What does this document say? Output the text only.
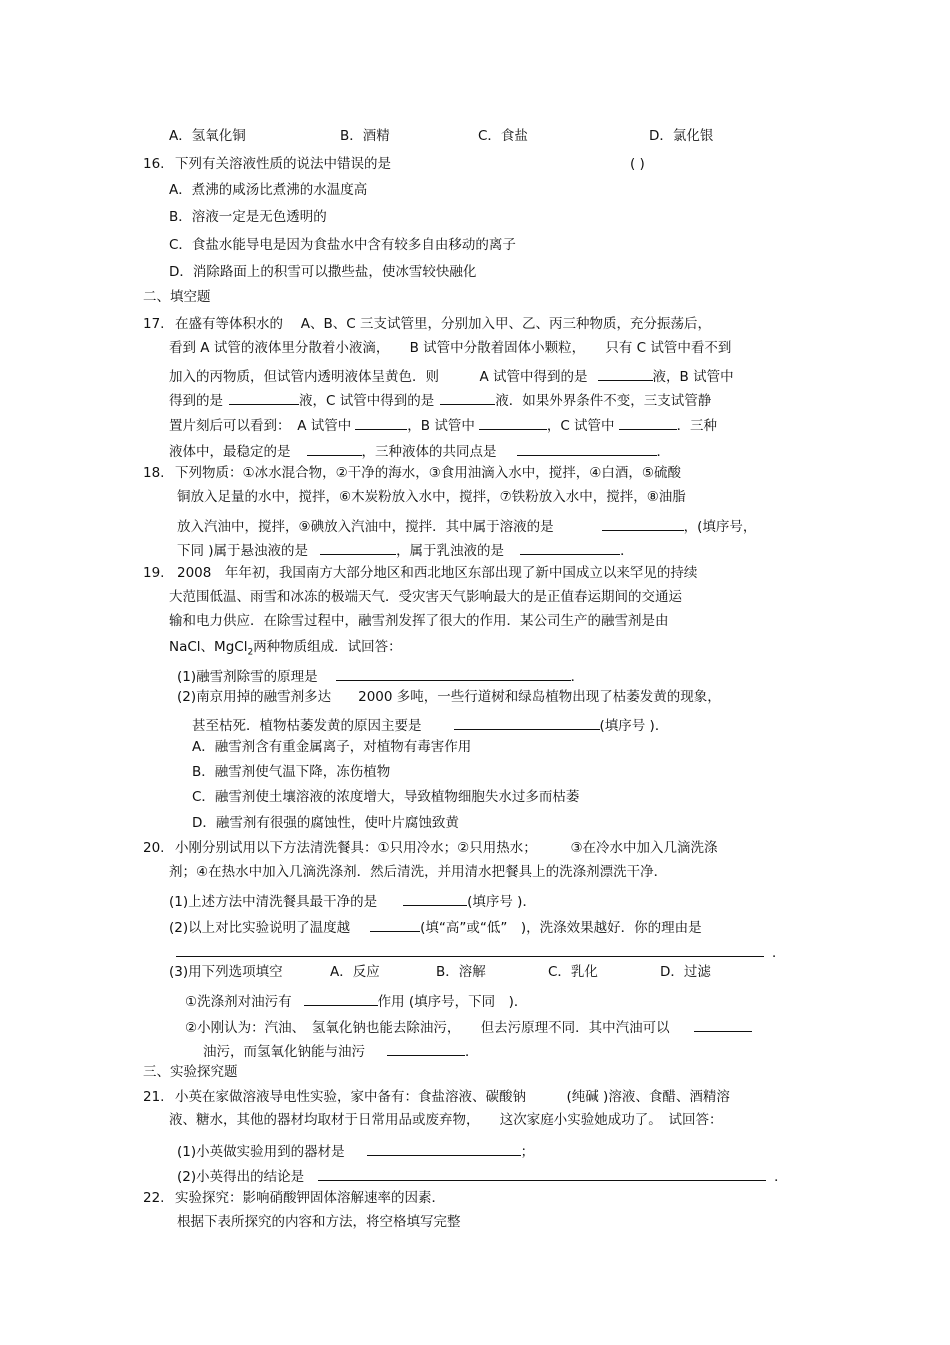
A．氢氧化铜	B．酒精	C．食盐	D．氯化银
16. 下列有关溶液性质的说法中错误的是	( )
A．煮沸的咸汤比煮沸的水温度高
B．溶液一定是无色透明的
C．食盐水能导电是因为食盐水中含有较多自由移动的离子
D．消除路面上的积雪可以撒些盐，使冰雪较快融化
二、填空题
17. 在盛有等体积水的　 A、B、C 三支试管里，分别加入甲、乙、丙三种物质，充分振荡后，
看到 A 试管的液体里分散着小液滴，　　B 试管中分散着固体小颗粒，　　只有 C 试管中看不到
加入的丙物质，但试管内透明液体呈黄色．则　　　A 试管中得到的是	液，B 试管中
得到的是	液，C 试管中得到的是	液．如果外界条件不变，三支试管静
置片刻后可以看到：　A 试管中	，B 试管中	，C 试管中	．三种
液体中，最稳定的是	，三种液体的共同点是	．
18. 下列物质：①冰水混合物，②干净的海水，③食用油滴入水中，搅拌，④白酒，⑤硫酸
铜放入足量的水中，搅拌，⑥木炭粉放入水中，搅拌，⑦铁粉放入水中，搅拌，⑧油脂
放入汽油中，搅拌，⑨碘放入汽油中，搅拌．其中属于溶液的是	，(填序号，
下同 )属于悬浊液的是	，属于乳浊液的是	．
19. 2008　年年初，我国南方大部分地区和西北地区东部出现了新中国成立以来罕见的持续
大范围低温、雨雪和冰冻的极端天气．受灾害天气影响最大的是正值春运期间的交通运
输和电力供应．在除雪过程中，融雪剂发挥了很大的作用．某公司生产的融雪剂是由
NaCl、MgCl$_2$两种物质组成．试回答：
(1)融雪剂除雪的原理是	．
(2)南京用掉的融雪剂多达　　2000 多吨，一些行道树和绿岛植物出现了枯萎发黄的现象，
甚至枯死．植物枯萎发黄的原因主要是	(填序号 )．
A．融雪剂含有重金属离子，对植物有毒害作用
B．融雪剂使气温下降，冻伤植物
C．融雪剂使土壤溶液的浓度增大，导致植物细胞失水过多而枯萎
D．融雪剂有很强的腐蚀性，使叶片腐蚀致黄
20. 小刚分别试用以下方法清洗餐具：①只用冷水；②只用热水；　　　③在冷水中加入几滴洗涤
剂；④在热水中加入几滴洗涤剂．然后清洗，并用清水把餐具上的洗涤剂漂洗干净．
(1)上述方法中清洗餐具最干净的是	(填序号 )．
(2)以上对比实验说明了温度越	(填“高”或“低”　)，洗涤效果越好．你的理由是
．
(3)用下列选项填空	A．反应	B．溶解	C．乳化	D．过滤
①洗涤剂对油污有	作用 (填序号，下同　)．
②小刚认为：汽油、　氢氧化钠也能去除油污，　　但去污原理不同．其中汽油可以
油污，而氢氧化钠能与油污	．
三、实验探究题
21. 小英在家做溶液导电性实验，家中备有：食盐溶液、碳酸钠　　　(纯碱 )溶液、食醋、酒精溶
液、糖水，其他的器材均取材于日常用品或废弃物，　　这次家庭小实验她成功了。　试回答：
(1)小英做实验用到的器材是	；
(2)小英得出的结论是	．
22. 实验探究：影响硝酸钾固体溶解速率的因素．
根据下表所探究的内容和方法，将空格填写完整
